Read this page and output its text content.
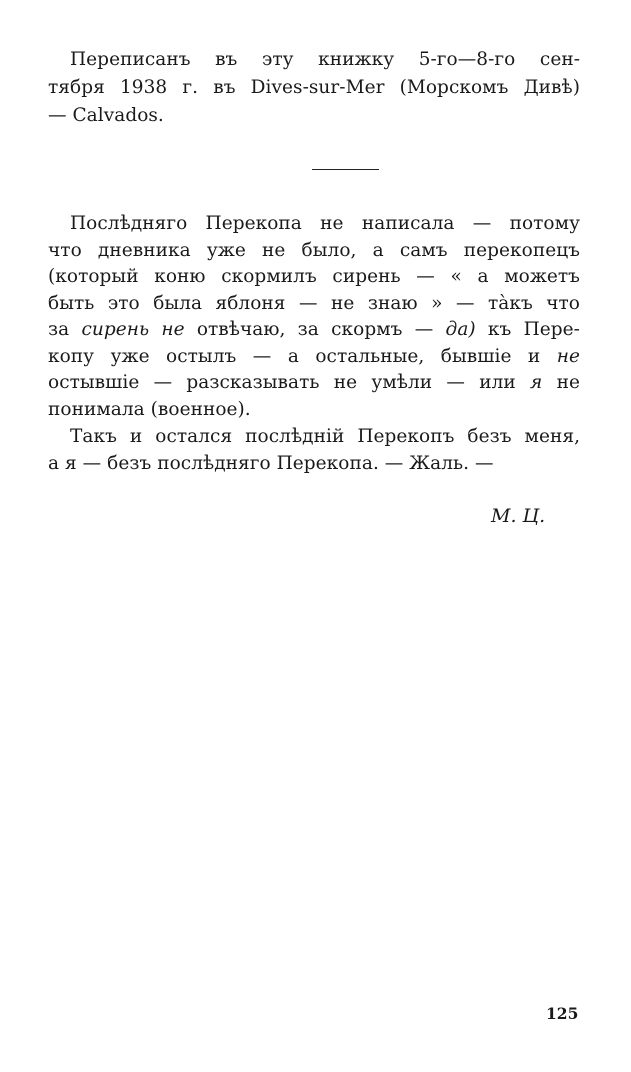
Переписанъ въ эту книжку 5-го—8-го сен-

тября 1938 г. въ Dives-sur-Mer (Морскомъ Дивѣ)

— Calvados.

Послѣдняго Перекопа не написала — потому

что дневника уже не было, а самъ перекопецъ

(который коню скормилъ сирень — « а можетъ

быть это была яблоня — не знаю » — тàкъ что

за сирень не отвѣчаю, за скормъ — да) къ Пере-

копу уже остылъ — а остальные, бывшiе и не

остывшiе — разсказывать не умѣли — или я не

понимала (военное).

Такъ и остался послѣднiй Перекопъ безъ меня,

а я — безъ послѣдняго Перекопа. — Жаль. —

М. Ц.
125
